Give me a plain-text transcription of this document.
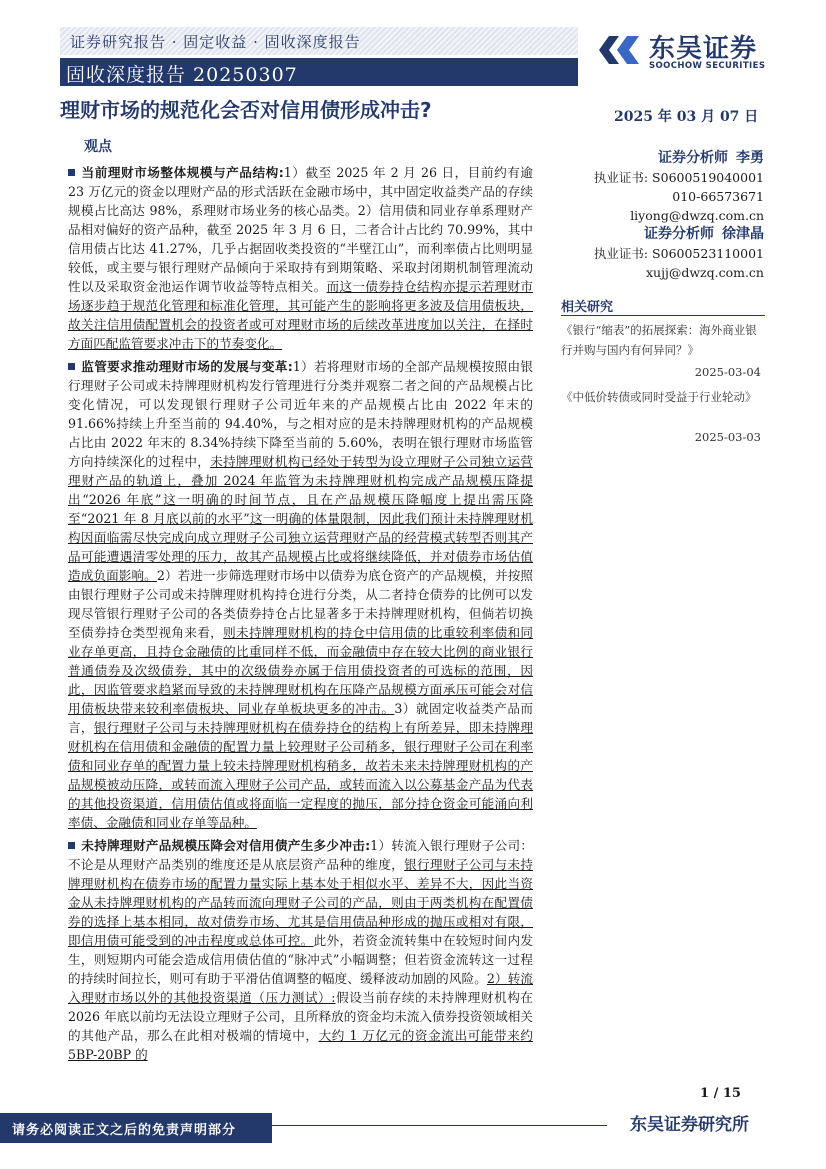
证券研究报告 · 固定收益 · 固收深度报告
固收深度报告 20250307
东吴证券
SOOCHOW SECURITIES
理财市场的规范化会否对信用债形成冲击?	2025 年 03 月 07 日
观点
当前理财市场整体规模与产品结构:1）截至 2025 年 2 月 26 日，目前约有逾 23 万亿元的资金以理财产品的形式活跃在金融市场中，其中固定收益类产品的存续规模占比高达 98%，系理财市场业务的核心品类。2）信用债和同业存单系理财产品相对偏好的资产品种，截至 2025 年 3 月 6 日，二者合计占比约 70.99%，其中信用债占比达 41.27%，几乎占据固收类投资的“半壁江山”，而利率债占比则明显较低，或主要与银行理财产品倾向于采取持有到期策略、采取封闭期机制管理流动性以及采取资金池运作调节收益等特点相关。而这一债券持仓结构亦提示若理财市场逐步趋于规范化管理和标准化管理，其可能产生的影响将更多波及信用债板块，故关注信用债配置机会的投资者或可对理财市场的后续改革进度加以关注，在择时方面匹配监管要求冲击下的节奏变化。
监管要求推动理财市场的发展与变革:1）若将理财市场的全部产品规模按照由银行理财子公司或未持牌理财机构发行管理进行分类并观察二者之间的产品规模占比变化情况，可以发现银行理财子公司近年来的产品规模占比由 2022 年末的 91.66%持续上升至当前的 94.40%，与之相对应的是未持牌理财机构的产品规模占比由 2022 年末的 8.34%持续下降至当前的 5.60%，表明在银行理财市场监管方向持续深化的过程中，未持牌理财机构已经处于转型为设立理财子公司独立运营理财产品的轨道上，叠加 2024 年监管为未持牌理财机构完成产品规模压降提出“2026 年底”这一明确的时间节点，且在产品规模压降幅度上提出需压降至“2021 年 8 月底以前的水平”这一明确的体量限制，因此我们预计未持牌理财机构因面临需尽快完成向成立理财子公司独立运营理财产品的经营模式转型否则其产品可能遭遇清零处理的压力，故其产品规模占比或将继续降低，并对债券市场估值造成负面影响。2）若进一步筛选理财市场中以债券为底仓资产的产品规模，并按照由银行理财子公司或未持牌理财机构持仓进行分类，从二者持仓债券的比例可以发现尽管银行理财子公司的各类债券持仓占比显著多于未持牌理财机构，但倘若切换至债券持仓类型视角来看，则未持牌理财机构的持仓中信用债的比重较利率债和同业存单更高，且持仓金融债的比重同样不低，而金融债中存在较大比例的商业银行普通债券及次级债券，其中的次级债券亦属于信用债投资者的可选标的范围，因此，因监管要求趋紧而导致的未持牌理财机构在压降产品规模方面承压可能会对信用债板块带来较利率债板块、同业存单板块更多的冲击。3）就固定收益类产品而言，银行理财子公司与未持牌理财机构在债券持仓的结构上有所差异，即未持牌理财机构在信用债和金融债的配置力量上较理财子公司稍多，银行理财子公司在利率债和同业存单的配置力量上较未持牌理财机构稍多，故若未来未持牌理财机构的产品规模被动压降，或转而流入理财子公司产品，或转而流入以公募基金产品为代表的其他投资渠道，信用债估值或将面临一定程度的抛压，部分持仓资金可能涌向利率债、金融债和同业存单等品种。
未持牌理财产品规模压降会对信用债产生多少冲击:1）转流入银行理财子公司：不论是从理财产品类别的维度还是从底层资产品种的维度，银行理财子公司与未持牌理财机构在债券市场的配置力量实际上基本处于相似水平、差异不大，因此当资金从未持牌理财机构的产品转而流向理财子公司的产品，则由于两类机构在配置债券的选择上基本相同，故对债券市场、尤其是信用债品种形成的抛压或相对有限，即信用债可能受到的冲击程度或总体可控。此外，若资金流转集中在较短时间内发生，则短期内可能会造成信用债估值的“脉冲式”小幅调整；但若资金流转这一过程的持续时间拉长，则可有助于平滑估值调整的幅度、缓释波动加剧的风险。2）转流入理财市场以外的其他投资渠道（压力测试）:假设当前存续的未持牌理财机构在 2026 年底以前均无法设立理财子公司，且所释放的资金均未流入债券投资领域相关的其他产品，那么在此相对极端的情境中，大约 1 万亿元的资金流出可能带来约 5BP-20BP 的
证券分析师 李勇
执业证书: S0600519040001
010-66573671
liyong@dwzq.com.cn
证券分析师 徐津晶
执业证书: S0600523110001
xujj@dwzq.com.cn
相关研究
《银行“缩表”的拓展探索：海外商业银行并购与国内有何异同？》
2025-03-04
《中低价转债或同时受益于行业轮动》
2025-03-03
1 / 15
请务必阅读正文之后的免责声明部分	东吴证券研究所
